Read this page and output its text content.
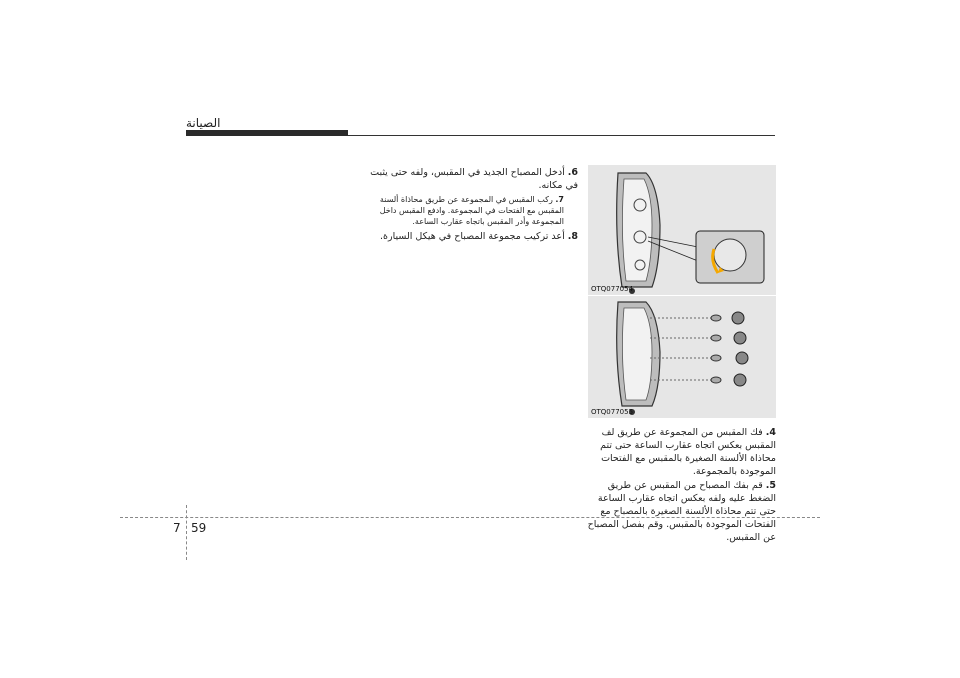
الصيانة
OTQ077054
OTQ077055
6. أدخل المصباح الجديد في المقبس، ولفه حتى يثبت في مكانه.
7. ركب المقبس في المجموعة عن طريق محاذاة ألسنة المقبس مع الفتحات في المجموعة. وادفع المقبس داخل المجموعة وأدر المقبس باتجاه عقارب الساعة.
8. أعد تركيب مجموعة المصباح في هيكل السيارة.
4. فك المقبس من المجموعة عن طريق لف المقبس بعكس اتجاه عقارب الساعة حتى تتم محاذاة الألسنة الصغيرة بالمقبس مع الفتحات الموجودة بالمجموعة.
5. قم بفك المصباح من المقبس عن طريق الضغط عليه ولفه بعكس اتجاه عقارب الساعة حتى تتم محاذاة الألسنة الصغيرة بالمصباح مع الفتحات الموجودة بالمقبس. وقم بفصل المصباح عن المقبس.
7 59
